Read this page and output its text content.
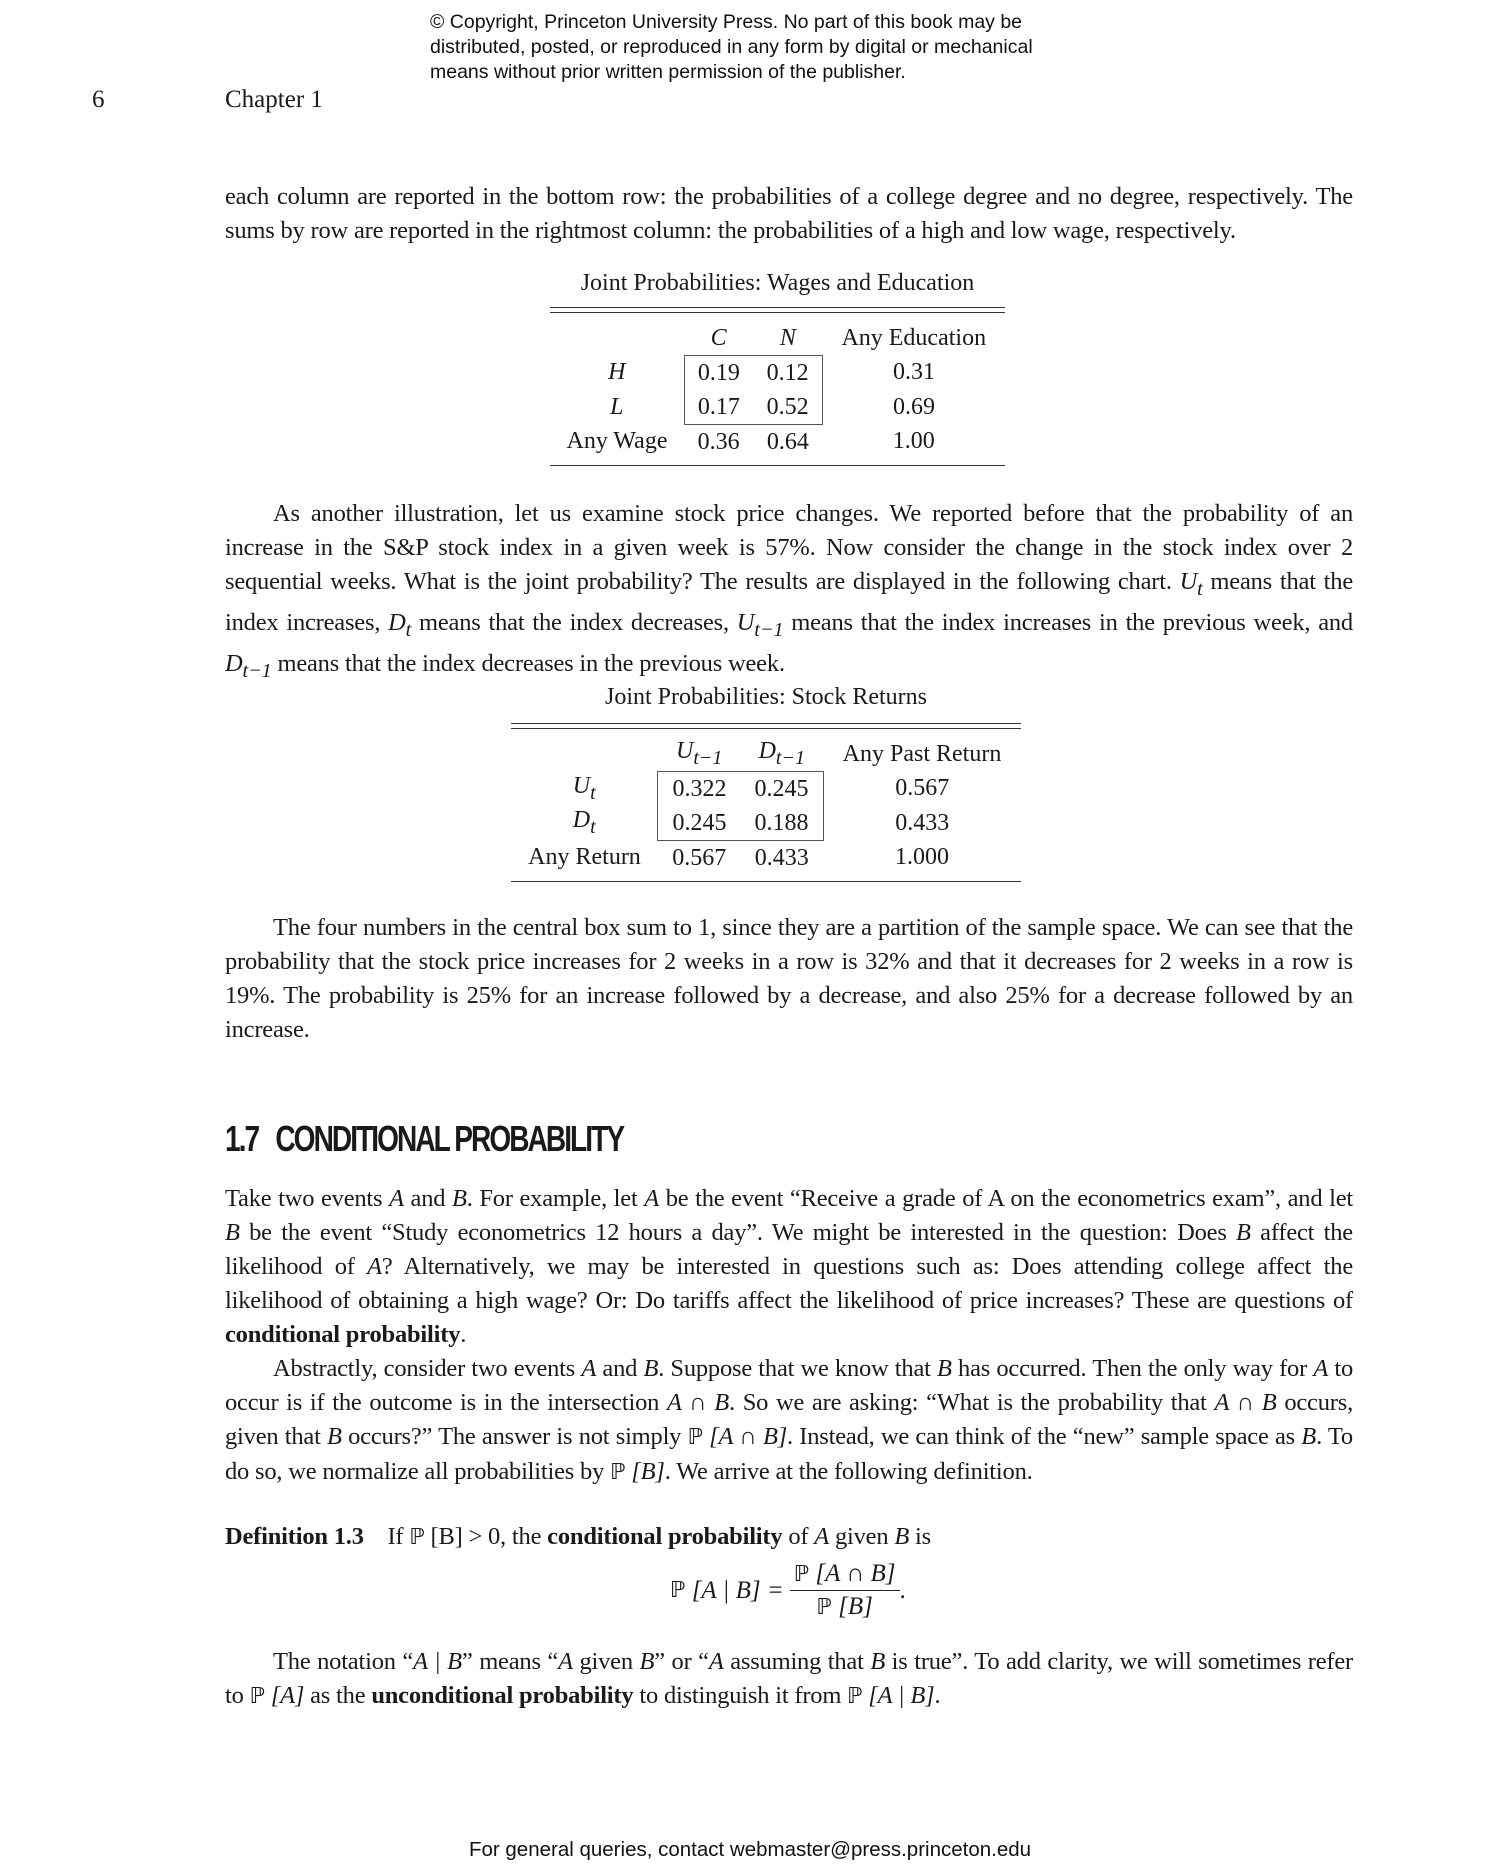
© Copyright, Princeton University Press. No part of this book may be
distributed, posted, or reproduced in any form by digital or mechanical
means without prior written permission of the publisher.
6	Chapter 1

each column are reported in the bottom row: the probabilities of a college degree and no degree, respectively. The sums by row are reported in the rightmost column: the probabilities of a high and low wage, respectively.

Joint Probabilities: Wages and Education
	C	N	Any Education
H	0.19	0.12	0.31
L	0.17	0.52	0.69
Any Wage	0.36	0.64	1.00

As another illustration, let us examine stock price changes. We reported before that the probability of an increase in the S&P stock index in a given week is 57%. Now consider the change in the stock index over 2 sequential weeks. What is the joint probability? The results are displayed in the following chart. $U_t$ means that the index increases, $D_t$ means that the index decreases, $U_{t-1}$ means that the index increases in the previous week, and $D_{t-1}$ means that the index decreases in the previous week.

Joint Probabilities: Stock Returns
	$U_{t-1}$	$D_{t-1}$	Any Past Return
$U_t$	0.322	0.245	0.567
$D_t$	0.245	0.188	0.433
Any Return	0.567	0.433	1.000

The four numbers in the central box sum to 1, since they are a partition of the sample space. We can see that the probability that the stock price increases for 2 weeks in a row is 32% and that it decreases for 2 weeks in a row is 19%. The probability is 25% for an increase followed by a decrease, and also 25% for a decrease followed by an increase.

1.7 CONDITIONAL PROBABILITY

Take two events A and B. For example, let A be the event “Receive a grade of A on the econometrics exam”, and let B be the event “Study econometrics 12 hours a day”. We might be interested in the question: Does B affect the likelihood of A? Alternatively, we may be interested in questions such as: Does attending college affect the likelihood of obtaining a high wage? Or: Do tariffs affect the likelihood of price increases? These are questions of conditional probability.

Abstractly, consider two events A and B. Suppose that we know that B has occurred. Then the only way for A to occur is if the outcome is in the intersection A ∩ B. So we are asking: “What is the probability that A ∩ B occurs, given that B occurs?” The answer is not simply ℙ [A ∩ B]. Instead, we can think of the “new” sample space as B. To do so, we normalize all probabilities by ℙ [B]. We arrive at the following definition.

Definition 1.3 If ℙ [B] > 0, the conditional probability of A given B is

ℙ
[A | $B] = \frac{\text{ℙ [A ∩ B]}}{\text{ℙ [B]}}$ .

The notation “A | B” means “A given B” or “A assuming that B is true”. To add clarity, we will sometimes refer to ℙ [A] as the unconditional probability to distinguish it from ℙ [A | B].

For general queries, contact webmaster@press.princeton.edu
